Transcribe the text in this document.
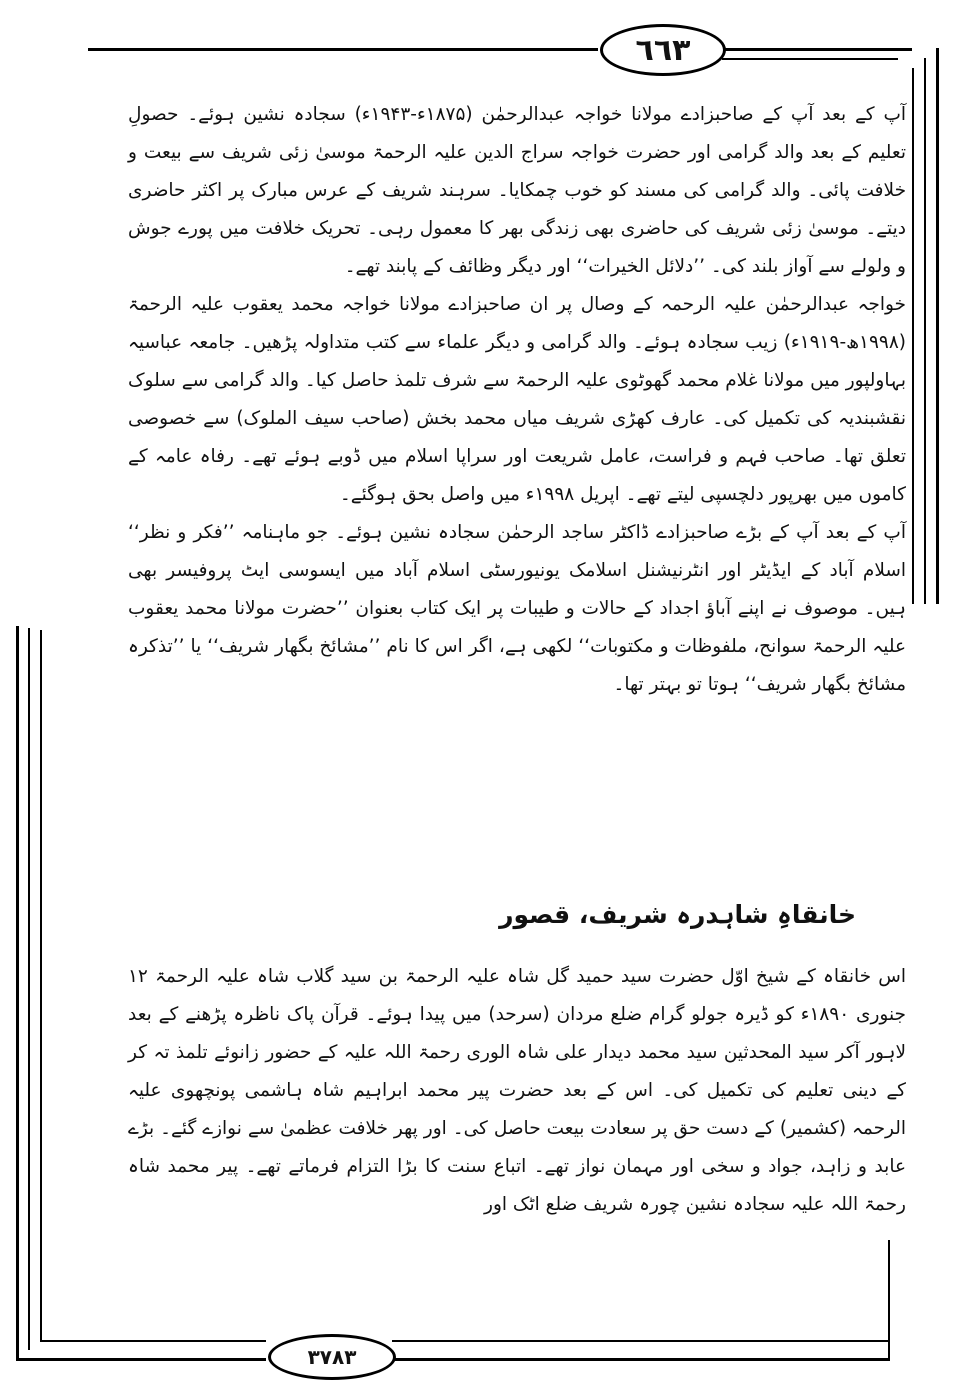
٦٦٣
٣٧٨٣

آپ کے بعد آپ کے صاحبزادے مولانا خواجہ عبدالرحمٰن (۱۸۷۵ء-۱۹۴۳ء) سجادہ نشین ہوئے۔ حصولِ تعلیم کے بعد والد گرامی اور حضرت خواجہ سراج الدین علیہ الرحمۃ موسیٰ زئی شریف سے بیعت و خلافت پائی۔ والد گرامی کی مسند کو خوب چمکایا۔ سرہند شریف کے عرس مبارک پر اکثر حاضری دیتے۔ موسیٰ زئی شریف کی حاضری بھی زندگی بھر کا معمول رہی۔ تحریک خلافت میں پورے جوش و ولولے سے آواز بلند کی۔ ’’دلائل الخیرات‘‘ اور دیگر وظائف کے پابند تھے۔

خواجہ عبدالرحمٰن علیہ الرحمہ کے وصال پر ان صاحبزادے مولانا خواجہ محمد یعقوب علیہ الرحمۃ (۱۹۹۸ھ-۱۹۱۹ء) زیب سجادہ ہوئے۔ والد گرامی و دیگر علماء سے کتب متداولہ پڑھیں۔ جامعہ عباسیہ بہاولپور میں مولانا غلام محمد گھوٹوی علیہ الرحمۃ سے شرف تلمذ حاصل کیا۔ والد گرامی سے سلوک نقشبندیہ کی تکمیل کی۔ عارف کھڑی شریف میاں محمد بخش (صاحب سیف الملوک) سے خصوصی تعلق تھا۔ صاحب فہم و فراست، عامل شریعت اور سراپا اسلام میں ڈوبے ہوئے تھے۔ رفاہ عامہ کے کاموں میں بھرپور دلچسپی لیتے تھے۔ اپریل ۱۹۹۸ء میں واصل بحق ہوگئے۔

آپ کے بعد آپ کے بڑے صاحبزادے ڈاکٹر ساجد الرحمٰن سجادہ نشین ہوئے۔ جو ماہنامہ ’’فکر و نظر‘‘ اسلام آباد کے ایڈیٹر اور انٹرنیشنل اسلامک یونیورسٹی اسلام آباد میں ایسوسی ایٹ پروفیسر بھی ہیں۔ موصوف نے اپنے آباؤ اجداد کے حالات و طیبات پر ایک کتاب بعنوان ’’حضرت مولانا محمد یعقوب علیہ الرحمۃ سوانح، ملفوظات و مکتوبات‘‘ لکھی ہے، اگر اس کا نام ’’مشائخ بگھار شریف‘‘ یا ’’تذکرہ مشائخ بگھار شریف‘‘ ہوتا تو بہتر تھا۔

خانقاہِ شاہدرہ شریف، قصور

اس خانقاہ کے شیخ اوّل حضرت سید حمید گل شاہ علیہ الرحمۃ بن سید گلاب شاہ علیہ الرحمۃ ۱۲ جنوری ۱۸۹۰ء کو ڈیرہ جولو گرام ضلع مردان (سرحد) میں پیدا ہوئے۔ قرآن پاک ناظرہ پڑھنے کے بعد لاہور آکر سید المحدثین سید محمد دیدار علی شاہ الوری رحمۃ اللہ علیہ کے حضور زانوئے تلمذ تہ کر کے دینی تعلیم کی تکمیل کی۔ اس کے بعد حضرت پیر محمد ابراہیم شاہ ہاشمی پونچھوی علیہ الرحمہ (کشمیر) کے دست حق پر سعادت بیعت حاصل کی۔ اور پھر خلافت عظمیٰ سے نوازے گئے۔ بڑے عابد و زاہد، جواد و سخی اور مہمان نواز تھے۔ اتباع سنت کا بڑا التزام فرماتے تھے۔ پیر محمد شاہ رحمۃ اللہ علیہ سجادہ نشین چورہ شریف ضلع اٹک اور
